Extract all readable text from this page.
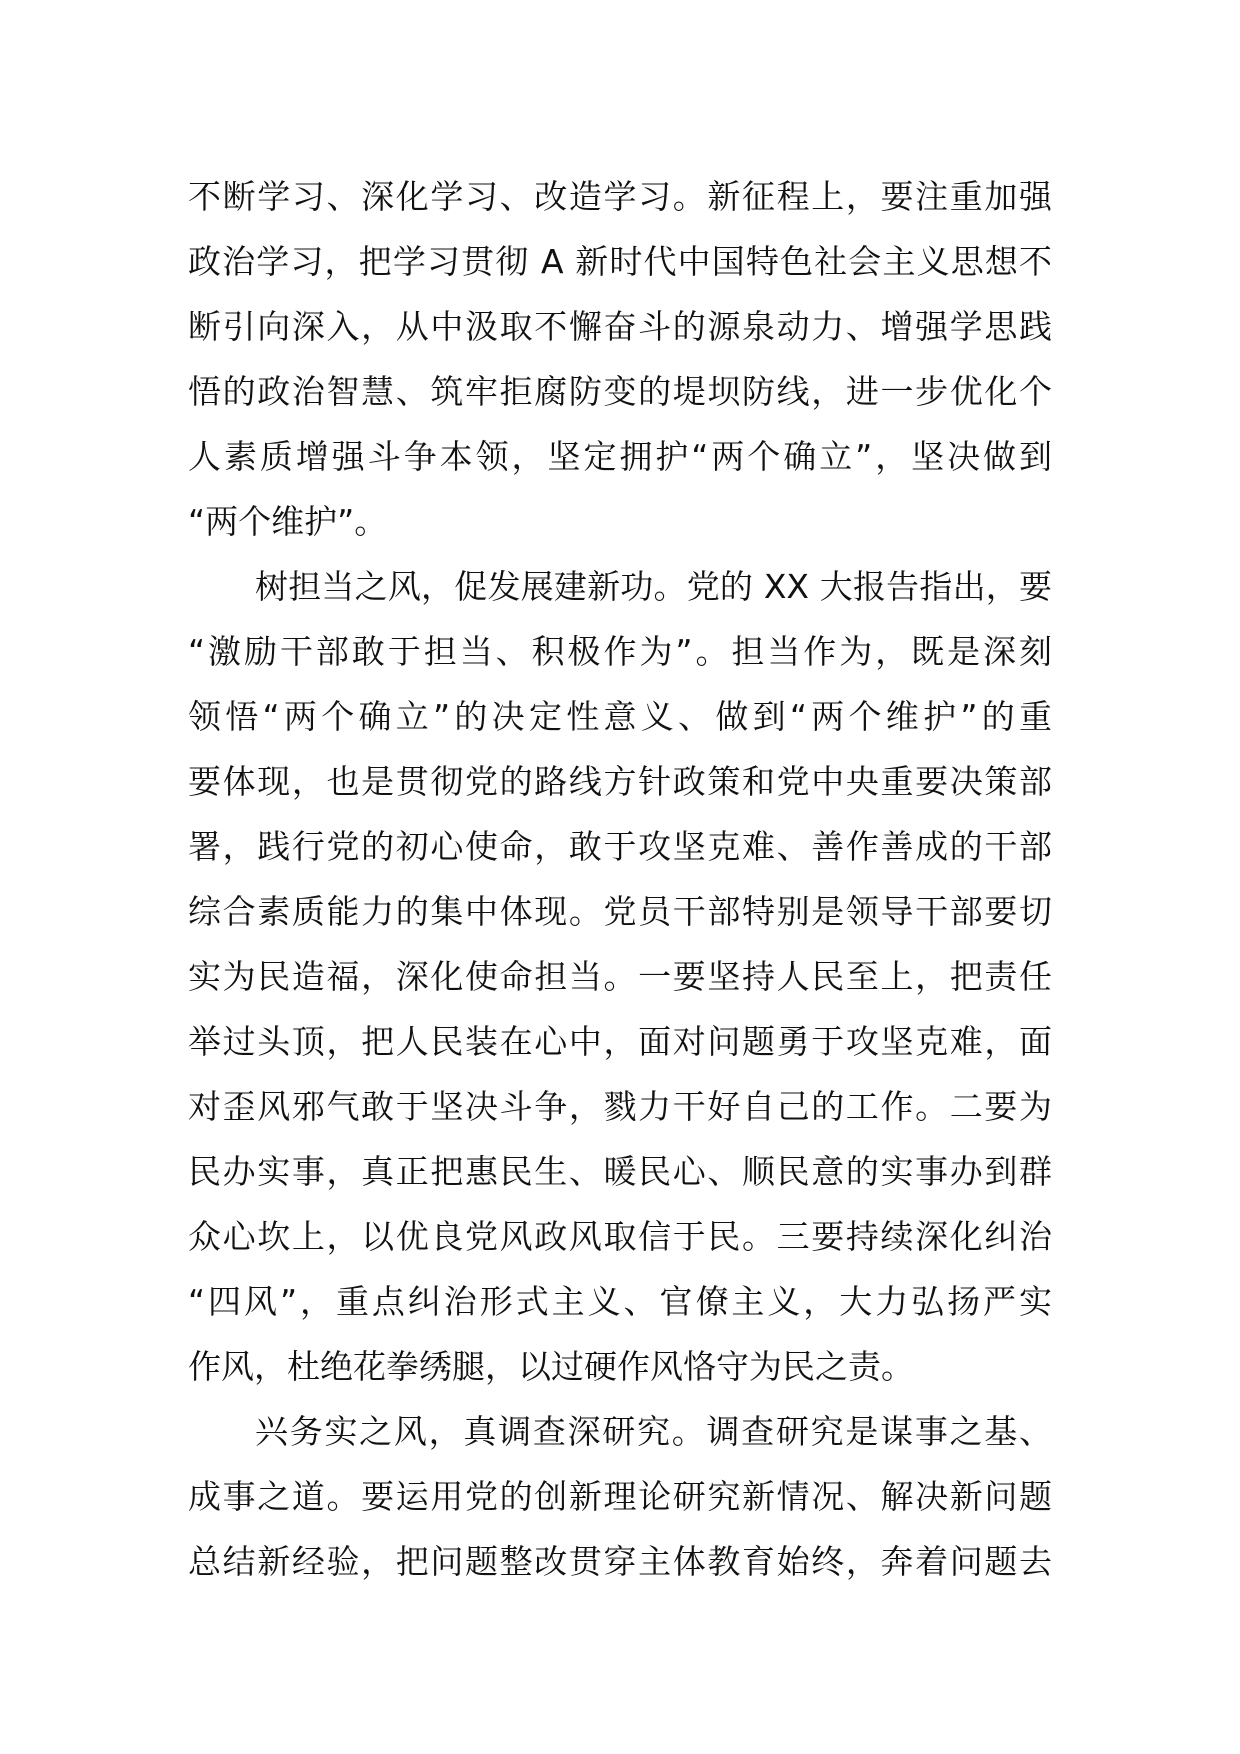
不断学习、深化学习、改造学习。新征程上，要注重加强
政治学习，把学习贯彻 A 新时代中国特色社会主义思想不
断引向深入，从中汲取不懈奋斗的源泉动力、增强学思践
悟的政治智慧、筑牢拒腐防变的堤坝防线，进一步优化个
人素质增强斗争本领，坚定拥护“两个确立”，坚决做到
“两个维护”。
树担当之风，促发展建新功。党的 XX 大报告指出，要
“激励干部敢于担当、积极作为”。担当作为，既是深刻
领悟“两个确立”的决定性意义、做到“两个维护”的重
要体现，也是贯彻党的路线方针政策和党中央重要决策部
署，践行党的初心使命，敢于攻坚克难、善作善成的干部
综合素质能力的集中体现。党员干部特别是领导干部要切
实为民造福，深化使命担当。一要坚持人民至上，把责任
举过头顶，把人民装在心中，面对问题勇于攻坚克难，面
对歪风邪气敢于坚决斗争，戮力干好自己的工作。二要为
民办实事，真正把惠民生、暖民心、顺民意的实事办到群
众心坎上，以优良党风政风取信于民。三要持续深化纠治
“四风”，重点纠治形式主义、官僚主义，大力弘扬严实
作风，杜绝花拳绣腿，以过硬作风恪守为民之责。
兴务实之风，真调查深研究。调查研究是谋事之基、
成事之道。要运用党的创新理论研究新情况、解决新问题
总结新经验，把问题整改贯穿主体教育始终，奔着问题去
